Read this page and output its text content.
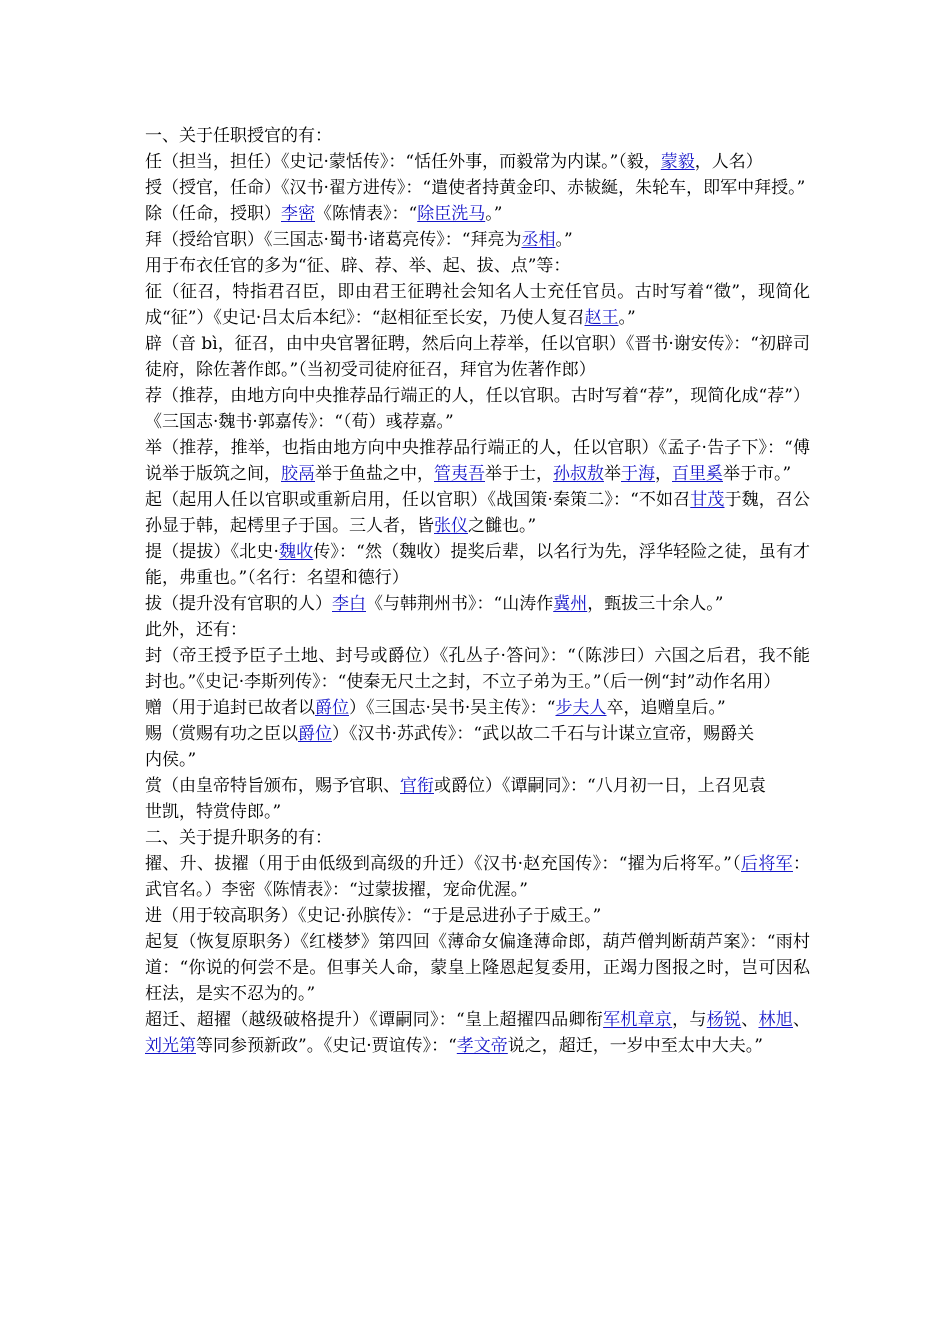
一、关于任职授官的有：

任（担当，担任）《史记·蒙恬传》：“恬任外事，而毅常为内谋。”（毅，蒙毅，人名）

授（授官，任命）《汉书·翟方进传》：“遣使者持黄金印、赤韨綖，朱轮车，即军中拜授。”

除（任命，授职）李密《陈情表》：“除臣洗马。”

拜（授给官职）《三国志·蜀书·诸葛亮传》：“拜亮为丞相。”

用于布衣任官的多为“征、辟、荐、举、起、拔、点”等：

征（征召，特指君召臣，即由君王征聘社会知名人士充任官员。古时写着“徵”，现简化成“征”）《史记·吕太后本纪》：“赵相征至长安，乃使人复召赵王。”

辟（音 bì，征召，由中央官署征聘，然后向上荐举，任以官职）《晋书·谢安传》：“初辟司徒府，除佐著作郎。”（当初受司徒府征召，拜官为佐著作郎）

荐（推荐，由地方向中央推荐品行端正的人，任以官职。古时写着“荐”，现简化成“荐”）《三国志·魏书·郭嘉传》：“（荀）彧荐嘉。”

举（推荐，推举，也指由地方向中央推荐品行端正的人，任以官职）《孟子·告子下》：“傅说举于版筑之间，胶鬲举于鱼盐之中，管夷吾举于士，孙叔敖举于海，百里奚举于市。”

起（起用人任以官职或重新启用，任以官职）《战国策·秦策二》：“不如召甘茂于魏，召公孙显于韩，起樗里子于国。三人者，皆张仪之雠也。”

提（提拔）《北史·魏收传》：“然（魏收）提奖后辈，以名行为先，浮华轻险之徒，虽有才能，弗重也。”（名行：名望和德行）

拔（提升没有官职的人）李白《与韩荆州书》：“山涛作冀州，甄拔三十余人。”

此外，还有：

封（帝王授予臣子土地、封号或爵位）《孔丛子·答问》：“（陈涉曰）六国之后君，我不能封也。”《史记·李斯列传》：“使秦无尺土之封，不立子弟为王。”（后一例“封”动作名用）

赠（用于追封已故者以爵位）《三国志·吴书·吴主传》：“步夫人卒，追赠皇后。”

赐（赏赐有功之臣以爵位）《汉书·苏武传》：“武以故二千石与计谋立宣帝，赐爵关

内侯。”

赏（由皇帝特旨颁布，赐予官职、官衔或爵位）《谭嗣同》：“八月初一日，上召见袁

世凯，特赏侍郎。”

二、关于提升职务的有：

擢、升、拔擢（用于由低级到高级的升迁）《汉书·赵充国传》：“擢为后将军。”（后将军：武官名。）李密《陈情表》：“过蒙拔擢，宠命优渥。”

进（用于较高职务）《史记·孙膑传》：“于是忌进孙子于威王。”

起复（恢复原职务）《红楼梦》第四回《薄命女偏逢薄命郎，葫芦僧判断葫芦案》：“雨村道：“你说的何尝不是。但事关人命，蒙皇上隆恩起复委用，正竭力图报之时，岂可因私枉法，是实不忍为的。”

超迁、超擢（越级破格提升）《谭嗣同》：“皇上超擢四品卿衔军机章京，与杨锐、林旭、刘光第等同参预新政”。《史记·贾谊传》：“孝文帝说之，超迁，一岁中至太中大夫。”
